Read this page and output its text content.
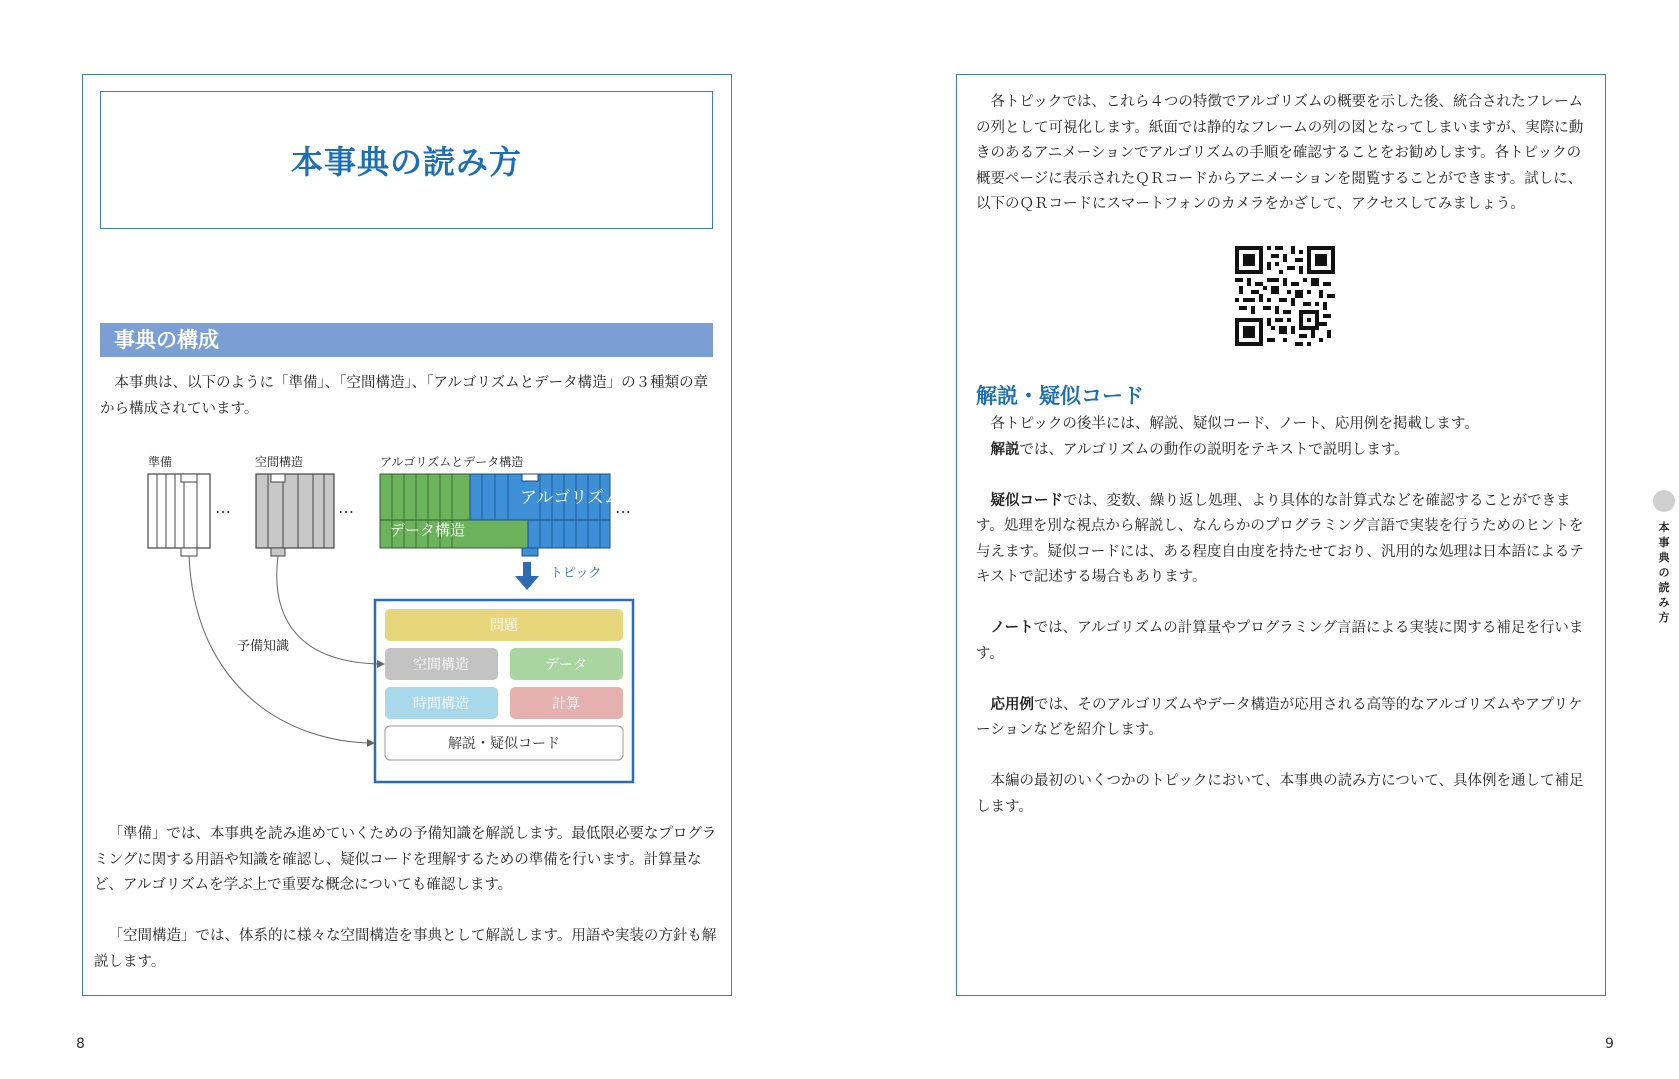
本事典の読み方
事典の構成

本事典は、以下のように「準備」、「空間構造」、「アルゴリズムとデータ構造」の３種類の章から構成されています。

準備	空間構造	アルゴリズムとデータ構造
…	…	アルゴリズム
データ構造
…
トピック
問題
空間構造	データ
時間構造	計算
解説・疑似コード
予備知識

「準備」では、本事典を読み進めていくための予備知識を解説します。最低限必要なプログラミングに関する用語や知識を確認し、疑似コードを理解するための準備を行います。計算量など、アルゴリズムを学ぶ上で重要な概念についても確認します。

「空間構造」では、体系的に様々な空間構造を事典として解説します。用語や実装の方針も解説します。

8

各トピックでは、これら４つの特徴でアルゴリズムの概要を示した後、統合されたフレームの列として可視化します。紙面では静的なフレームの列の図となってしまいますが、実際に動きのあるアニメーションでアルゴリズムの手順を確認することをお勧めします。各トピックの概要ページに表示されたＱＲコードからアニメーションを閲覧することができます。試しに、以下のＱＲコードにスマートフォンのカメラをかざして、アクセスしてみましょう。

解説・疑似コード

各トピックの後半には、解説、疑似コード、ノート、応用例を掲載します。

解説では、アルゴリズムの動作の説明をテキストで説明します。

疑似コードでは、変数、繰り返し処理、より具体的な計算式などを確認することができます。処理を別な視点から解説し、なんらかのプログラミング言語で実装を行うためのヒントを与えます。疑似コードには、ある程度自由度を持たせており、汎用的な処理は日本語によるテキストで記述する場合もあります。

ノートでは、アルゴリズムの計算量やプログラミング言語による実装に関する補足を行います。

応用例では、そのアルゴリズムやデータ構造が応用される高等的なアルゴリズムやアプリケーションなどを紹介します。

本編の最初のいくつかのトピックにおいて、本事典の読み方について、具体例を通して補足します。

本事典の読み方
9
